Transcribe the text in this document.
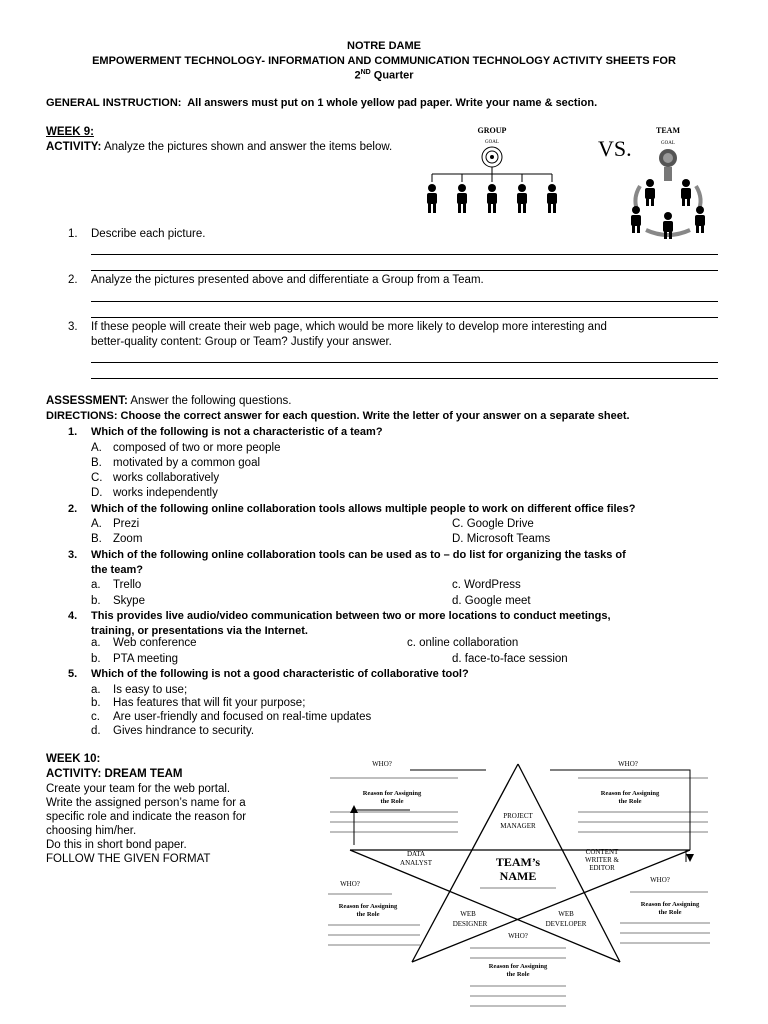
NOTRE DAME
EMPOWERMENT TECHNOLOGY- INFORMATION AND COMMUNICATION TECHNOLOGY ACTIVITY SHEETS FOR
2ND Quarter
GENERAL INSTRUCTION: All answers must put on 1 whole yellow pad paper. Write your name & section.
WEEK 9:
ACTIVITY: Analyze the pictures shown and answer the items below.
GROUP
GOAL	VS.
TEAM
GOAL
1. Describe each picture.
2. Analyze the pictures presented above and differentiate a Group from a Team.
3. If these people will create their web page, which would be more likely to develop more interesting and
better-quality content: Group or Team? Justify your answer.
ASSESSMENT: Answer the following questions.
DIRECTIONS: Choose the correct answer for each question. Write the letter of your answer on a separate sheet.
1. Which of the following is not a characteristic of a team?
A. composed of two or more people
B. motivated by a common goal
C. works collaboratively
D. works independently
2. Which of the following online collaboration tools allows multiple people to work on different office files?
A. Prezi	C. Google Drive
B. Zoom	D. Microsoft Teams
3. Which of the following online collaboration tools can be used as to – do list for organizing the tasks of
the team?
a. Trello	c. WordPress
b. Skype	d. Google meet
4. This provides live audio/video communication between two or more locations to conduct meetings,
training, or presentations via the Internet.
a. Web conference	c. online collaboration
b. PTA meeting	d. face-to-face session
5. Which of the following is not a good characteristic of collaborative tool?
a. Is easy to use;
b. Has features that will fit your purpose;
c. Are user-friendly and focused on real-time updates
d. Gives hindrance to security.
WEEK 10:
ACTIVITY: DREAM TEAM
Create your team for the web portal.
Write the assigned person’s name for a
specific role and indicate the reason for
choosing him/her.
Do this in short bond paper.
FOLLOW THE GIVEN FORMAT
WHO?
Reason for Assigning
the Role
WHO?
Reason for Assigning
the Role
PROJECT
MANAGER
DATA
ANALYST
CONTENT
WRITER &
EDITOR
TEAM’s
NAME
WEB
DESIGNER
WEB
DEVELOPER
WHO?
Reason for Assigning
the Role
WHO?
Reason for Assigning
the Role
WHO?
Reason for Assigning
the Role
